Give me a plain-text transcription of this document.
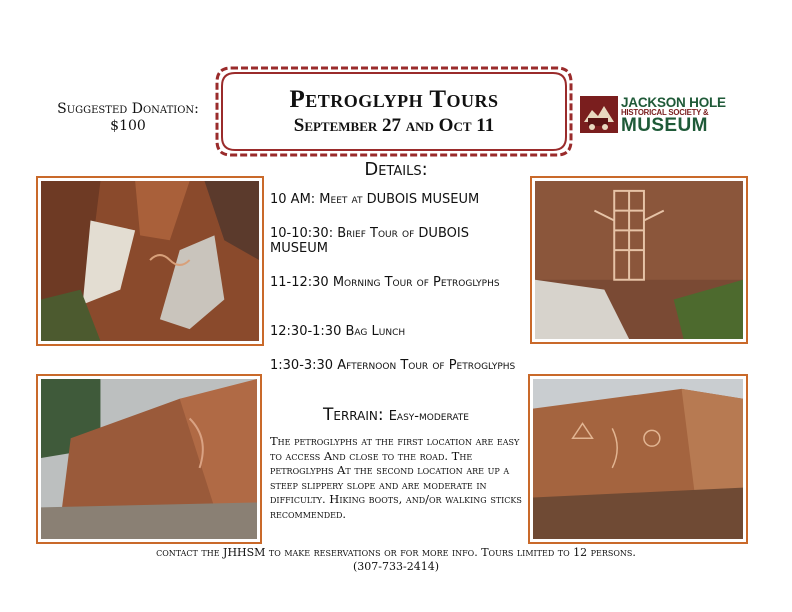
Suggested Donation:
$100
Petroglyph Tours
September 27 and Oct 11
JACKSON HOLE
HISTORICAL SOCIETY &
MUSEUM
Details:
10 AM: Meet at DUBOIS MUSEUM
10-10:30: Brief Tour of DUBOIS MUSEUM
11-12:30 Morning Tour of Petroglyphs
12:30-1:30 Bag Lunch
1:30-3:30 Afternoon Tour of Petroglyphs
Terrain: Easy-moderate
The petroglyphs at the first location are easy to access And close to the road. The petroglyphs At the second location are up a steep slippery slope and are moderate in difficulty. Hiking boots, and/or walking sticks recommended.
contact the JHHSM to make reservations or for more info. Tours limited to 12 persons.
(307-733-2414)
